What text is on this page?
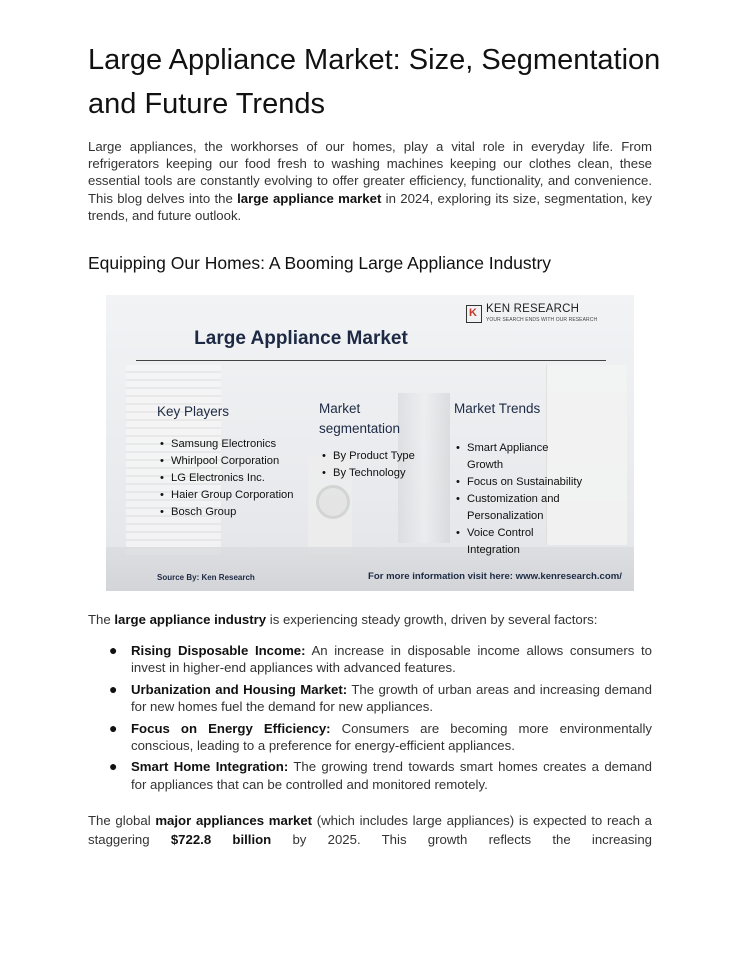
Large Appliance Market: Size, Segmentation and Future Trends

Large appliances, the workhorses of our homes, play a vital role in everyday life. From refrigerators keeping our food fresh to washing machines keeping our clothes clean, these essential tools are constantly evolving to offer greater efficiency, functionality, and convenience. This blog delves into the large appliance market in 2024, exploring its size, segmentation, key trends, and future outlook.

Equipping Our Homes: A Booming Large Appliance Industry

The large appliance industry is experiencing steady growth, driven by several factors:

● Rising Disposable Income: An increase in disposable income allows consumers to invest in higher-end appliances with advanced features.
● Urbanization and Housing Market: The growth of urban areas and increasing demand for new homes fuel the demand for new appliances.
● Focus on Energy Efficiency: Consumers are becoming more environmentally conscious, leading to a preference for energy-efficient appliances.
● Smart Home Integration: The growing trend towards smart homes creates a demand for appliances that can be controlled and monitored remotely.

The global major appliances market (which includes large appliances) is expected to reach a staggering $722.8 billion by 2025. This growth reflects the increasing

K KEN RESEARCH
YOUR SEARCH ENDS WITH OUR RESEARCH
Large Appliance Market
Key Players
• Samsung Electronics
• Whirlpool Corporation
• LG Electronics Inc.
• Haier Group Corporation
• Bosch Group
Market
segmentation
• By Product Type
• By Technology
Market Trends
• Smart Appliance
Growth
• Focus on Sustainability
• Customization and
Personalization
• Voice Control
Integration
Source By: Ken Research	For more information visit here: www.kenresearch.com/
